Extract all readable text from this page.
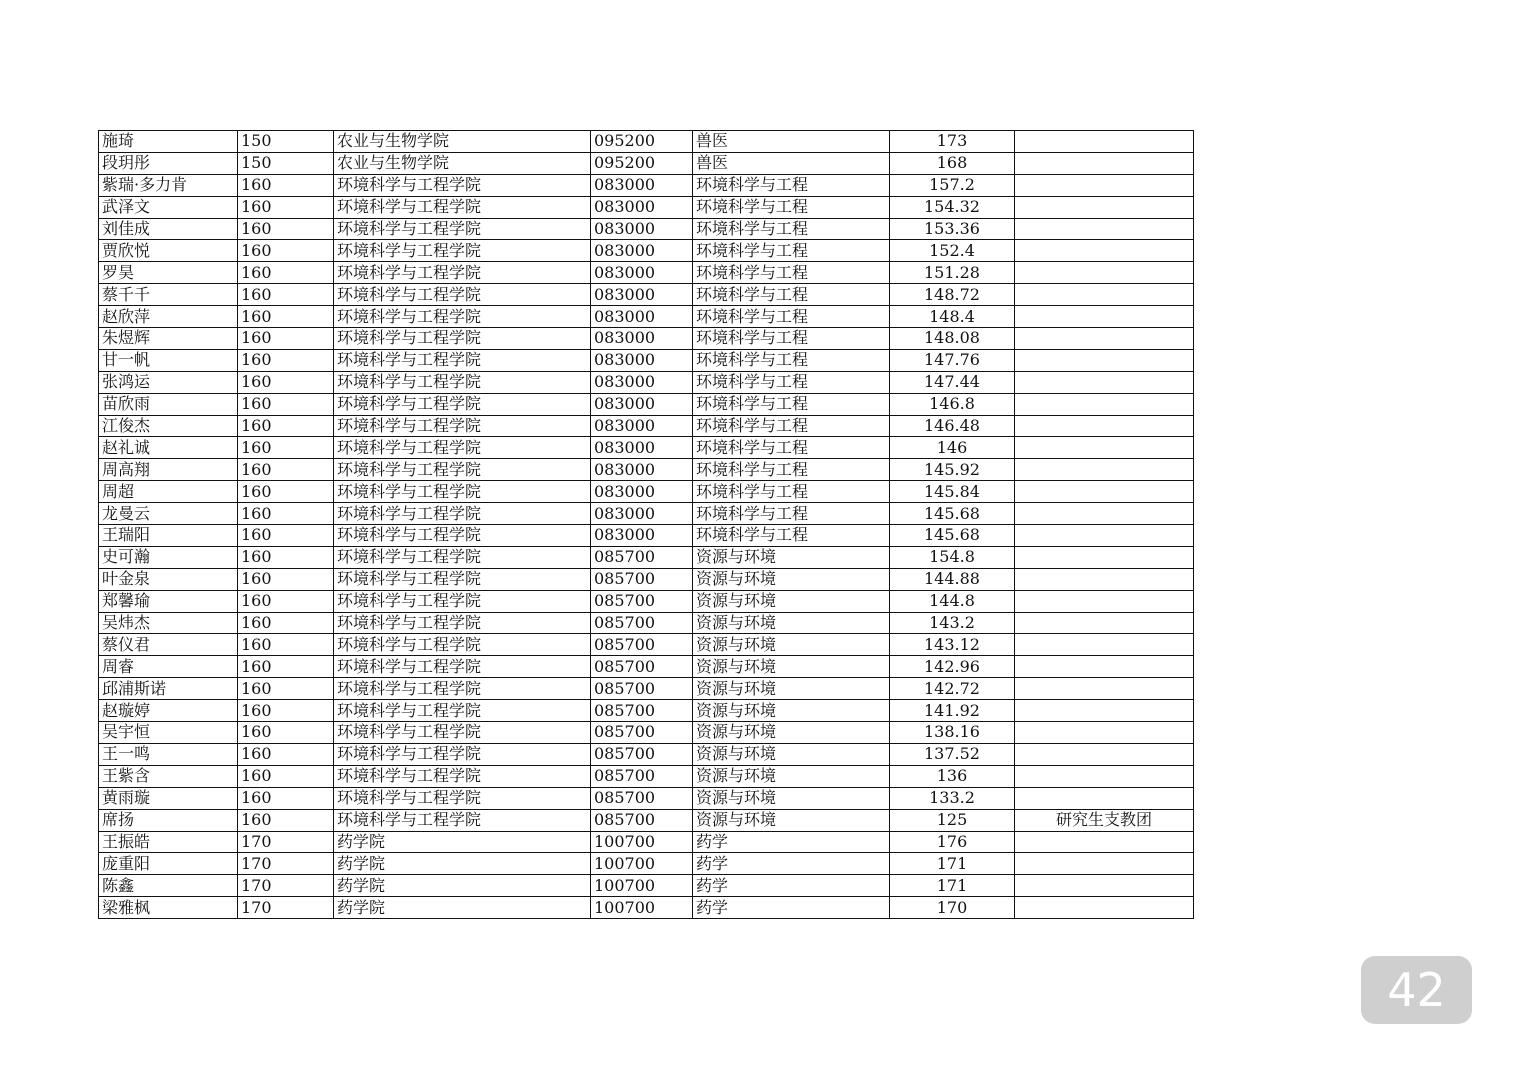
施琦	150	农业与生物学院	095200	兽医	173	
段玥彤	150	农业与生物学院	095200	兽医	168	
紫瑞·多力肯	160	环境科学与工程学院	083000	环境科学与工程	157.2	
武泽文	160	环境科学与工程学院	083000	环境科学与工程	154.32	
刘佳成	160	环境科学与工程学院	083000	环境科学与工程	153.36	
贾欣悦	160	环境科学与工程学院	083000	环境科学与工程	152.4	
罗昊	160	环境科学与工程学院	083000	环境科学与工程	151.28	
蔡千千	160	环境科学与工程学院	083000	环境科学与工程	148.72	
赵欣萍	160	环境科学与工程学院	083000	环境科学与工程	148.4	
朱煜辉	160	环境科学与工程学院	083000	环境科学与工程	148.08	
甘一帆	160	环境科学与工程学院	083000	环境科学与工程	147.76	
张鸿运	160	环境科学与工程学院	083000	环境科学与工程	147.44	
苗欣雨	160	环境科学与工程学院	083000	环境科学与工程	146.8	
江俊杰	160	环境科学与工程学院	083000	环境科学与工程	146.48	
赵礼诚	160	环境科学与工程学院	083000	环境科学与工程	146	
周高翔	160	环境科学与工程学院	083000	环境科学与工程	145.92	
周超	160	环境科学与工程学院	083000	环境科学与工程	145.84	
龙曼云	160	环境科学与工程学院	083000	环境科学与工程	145.68	
王瑞阳	160	环境科学与工程学院	083000	环境科学与工程	145.68	
史可瀚	160	环境科学与工程学院	085700	资源与环境	154.8	
叶金泉	160	环境科学与工程学院	085700	资源与环境	144.88	
郑馨瑜	160	环境科学与工程学院	085700	资源与环境	144.8	
吴炜杰	160	环境科学与工程学院	085700	资源与环境	143.2	
蔡仪君	160	环境科学与工程学院	085700	资源与环境	143.12	
周睿	160	环境科学与工程学院	085700	资源与环境	142.96	
邱浦斯诺	160	环境科学与工程学院	085700	资源与环境	142.72	
赵璇婷	160	环境科学与工程学院	085700	资源与环境	141.92	
吴宇恒	160	环境科学与工程学院	085700	资源与环境	138.16	
王一鸣	160	环境科学与工程学院	085700	资源与环境	137.52	
王紫含	160	环境科学与工程学院	085700	资源与环境	136	
黄雨璇	160	环境科学与工程学院	085700	资源与环境	133.2	
席扬	160	环境科学与工程学院	085700	资源与环境	125	研究生支教团
王振皓	170	药学院	100700	药学	176	
庞重阳	170	药学院	100700	药学	171	
陈鑫	170	药学院	100700	药学	171	
梁雅枫	170	药学院	100700	药学	170	
42
